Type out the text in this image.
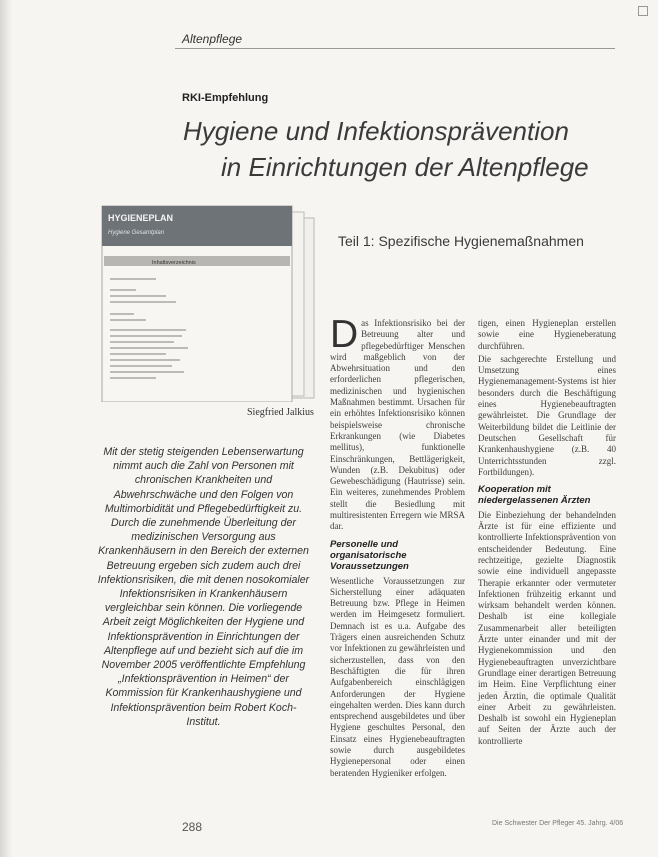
Altenpflege
RKI-Empfehlung
Hygiene und Infektionsprävention
in Einrichtungen der Altenpflege
Teil 1: Spezifische Hygienemaßnahmen
HYGIENEPLAN
Hygiene Gesamtplan
Inhaltsverzeichnis
Siegfried Jalkius
Mit der stetig steigenden Lebenserwartung nimmt auch die Zahl von Personen mit chronischen Krankheiten und Abwehrschwäche und den Folgen von Multimorbidität und Pflegebedürftigkeit zu. Durch die zunehmende Überleitung der medizinischen Versorgung aus Krankenhäusern in den Bereich der externen Betreuung ergeben sich zudem auch drei Infektionsrisiken, die mit denen nosokomialer Infektionsrisiken in Krankenhäusern vergleichbar sein können. Die vorliegende Arbeit zeigt Möglichkeiten der Hygiene und Infektionsprävention in Einrichtungen der Altenpflege auf und bezieht sich auf die im November 2005 veröffentlichte Empfehlung „Infektionsprävention in Heimen“ der Kommission für Krankenhaushygiene und Infektionsprävention beim Robert Koch-Institut.
D as Infektionsrisiko bei der Betreuung alter und pflegebedürftiger Menschen wird maßgeblich von der Abwehrsituation und den erforderlichen pflegerischen, medizinischen und hygienischen Maßnahmen bestimmt. Ursachen für ein erhöhtes Infektionsrisiko können beispielsweise chronische Erkrankungen (wie Diabetes mellitus), funktionelle Einschränkungen, Bettlägerigkeit, Wunden (z.B. Dekubitus) oder Gewebeschädigung (Hautrisse) sein. Ein weiteres, zunehmendes Problem stellt die Besiedlung mit multiresistenten Erregern wie MRSA dar.

Personelle und organisatorische Voraussetzungen

Wesentliche Voraussetzungen zur Sicherstellung einer adäquaten Betreuung bzw. Pflege in Heimen werden im Heimgesetz formuliert. Demnach ist es u.a. Aufgabe des Trägers einen ausreichenden Schutz vor Infektionen zu gewährleisten und sicherzustellen, dass von den Beschäftigten die für ihren Aufgabenbereich einschlägigen Anforderungen der Hygiene eingehalten werden. Dies kann durch entsprechend ausgebildetes und über Hygiene geschultes Personal, den Einsatz eines Hygienebeauftragten sowie durch ausgebildetes Hygienepersonal oder einen beratenden Hygieniker erfolgen.

tigen, einen Hygieneplan erstellen sowie eine Hygieneberatung durchführen.

Die sachgerechte Erstellung und Umsetzung eines Hygienemanagement-Systems ist hier besonders durch die Beschäftigung eines Hygienebeauftragten gewährleistet. Die Grundlage der Weiterbildung bildet die Leitlinie der Deutschen Gesellschaft für Krankenhaushygiene (z.B. 40 Unterrichtsstunden zzgl. Fortbildungen).

Kooperation mit niedergelassenen Ärzten

Die Einbeziehung der behandelnden Ärzte ist für eine effiziente und kontrollierte Infektionsprävention von entscheidender Bedeutung. Eine rechtzeitige, gezielte Diagnostik sowie eine individuell angepasste Therapie erkannter oder vermuteter Infektionen frühzeitig erkannt und wirksam behandelt werden können. Deshalb ist eine kollegiale Zusammenarbeit aller beteiligten Ärzte unter einander und mit der Hygienekommission und den Hygienebeauftragten unverzichtbare Grundlage einer derartigen Betreuung im Heim. Eine Verpflichtung einer jeden Ärztin, die optimale Qualität einer Arbeit zu gewährleisten. Deshalb ist sowohl ein Hygieneplan auf Seiten der Ärzte auch der kontrollierte

288	Die Schwester Der Pfleger 45. Jahrg. 4/06
